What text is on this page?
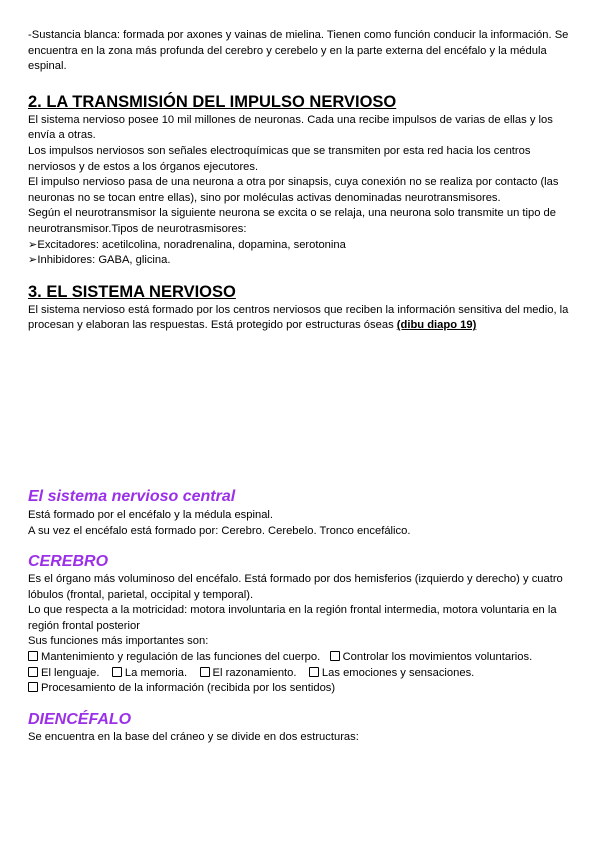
-Sustancia blanca: formada por axones y vainas de mielina. Tienen como función conducir la información. Se encuentra en la zona más profunda del cerebro y cerebelo y en la parte externa del encéfalo y la médula espinal.

2. LA TRANSMISIÓN DEL IMPULSO NERVIOSO

El sistema nervioso posee 10 mil millones de neuronas. Cada una recibe impulsos de varias de ellas y los envía a otras.

Los impulsos nerviosos son señales electroquímicas que se transmiten por esta red hacia los centros nerviosos y de estos a los órganos ejecutores.

El impulso nervioso pasa de una neurona a otra por sinapsis, cuya conexión no se realiza por contacto (las neuronas no se tocan entre ellas), sino por moléculas activas denominadas neurotransmisores.

Según el neurotransmisor la siguiente neurona se excita o se relaja, una neurona solo transmite un tipo de neurotransmisor.Tipos de neurotrasmisores:

➢Excitadores: acetilcolina, noradrenalina, dopamina, serotonina

➢Inhibidores: GABA, glicina.

3. EL SISTEMA NERVIOSO

El sistema nervioso está formado por los centros nerviosos que reciben la información sensitiva del medio, la procesan y elaboran las respuestas. Está protegido por estructuras óseas (dibu diapo 19)

El sistema nervioso central

Está formado por el encéfalo y la médula espinal.

A su vez el encéfalo está formado por: Cerebro. Cerebelo. Tronco encefálico.

CEREBRO

Es el órgano más voluminoso del encéfalo. Está formado por dos hemisferios (izquierdo y derecho) y cuatro lóbulos (frontal, parietal, occipital y temporal).

Lo que respecta a la motricidad: motora involuntaria en la región frontal intermedia, motora voluntaria en la región frontal posterior

Sus funciones más importantes son:

Mantenimiento y regulación de las funciones del cuerpo. Controlar los movimientos voluntarios.

El lenguaje. La memoria. El razonamiento. Las emociones y sensaciones.

Procesamiento de la información (recibida por los sentidos)

DIENCÉFALO

Se encuentra en la base del cráneo y se divide en dos estructuras:
